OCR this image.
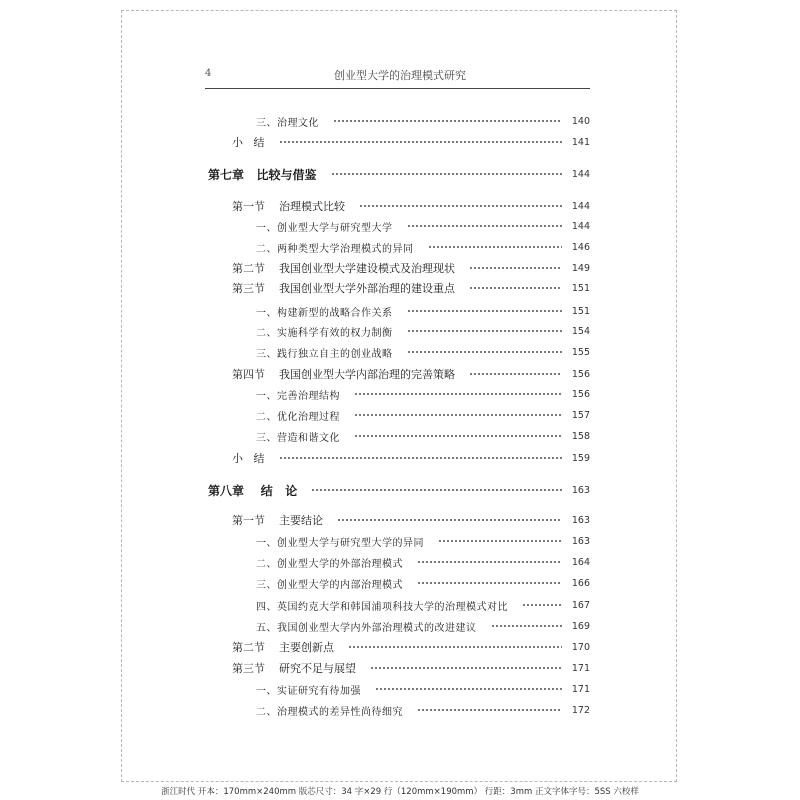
4	创业型大学的治理模式研究
三、治理文化	140
小   结	141
第七章   比较与借鉴	144
第一节    治理模式比较	144
一、创业型大学与研究型大学	144
二、两种类型大学治理模式的异同	146
第二节    我国创业型大学建设模式及治理现状	149
第三节    我国创业型大学外部治理的建设重点	151
一、构建新型的战略合作关系	151
二、实施科学有效的权力制衡	154
三、践行独立自主的创业战略	155
第四节    我国创业型大学内部治理的完善策略	156
一、完善治理结构	156
二、优化治理过程	157
三、营造和谐文化	158
小   结	159
第八章    结   论	163
第一节    主要结论	163
一、创业型大学与研究型大学的异同	163
二、创业型大学的外部治理模式	164
三、创业型大学的内部治理模式	166
四、英国约克大学和韩国浦项科技大学的治理模式对比	167
五、我国创业型大学内外部治理模式的改进建议	169
第二节    主要创新点	170
第三节    研究不足与展望	171
一、实证研究有待加强	171
二、治理模式的差异性尚待细究	172
浙江时代 开本：170mm×240mm 版芯尺寸：34 字×29 行（120mm×190mm） 行距：3mm 正文字体字号：5SS 六校样
